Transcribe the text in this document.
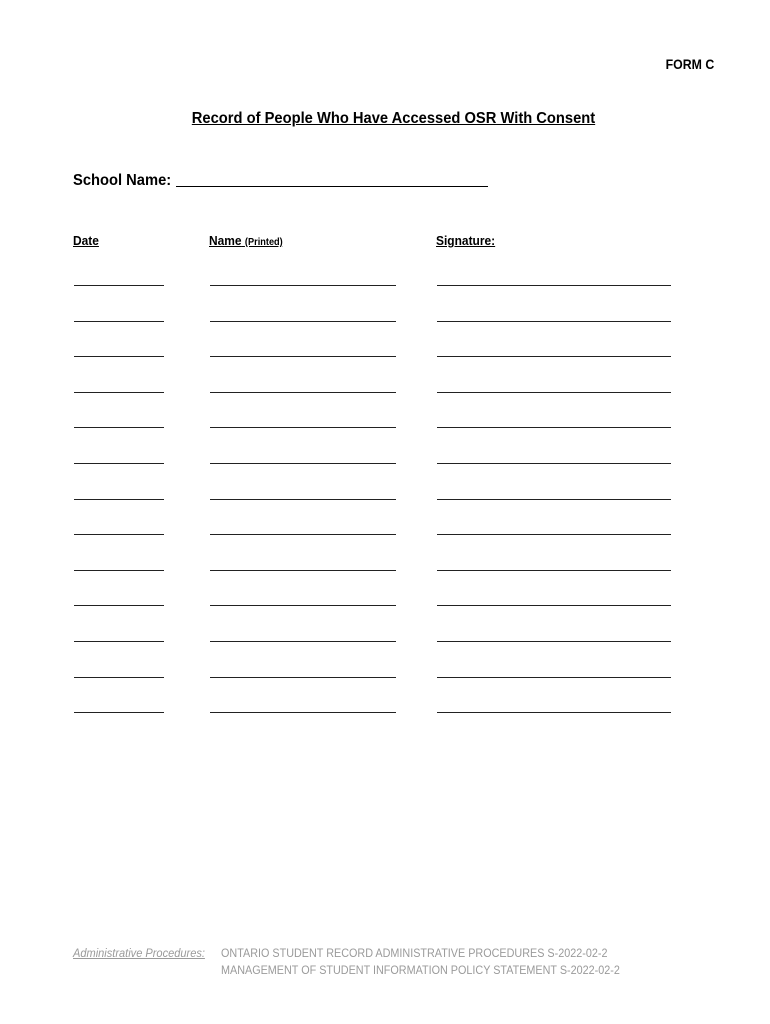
FORM C
Record of People Who Have Accessed OSR With Consent
School Name:
Date	Name (Printed)	Signature:
Administrative Procedures: ONTARIO STUDENT RECORD ADMINISTRATIVE PROCEDURES S-2022-02-2
MANAGEMENT OF STUDENT INFORMATION POLICY STATEMENT S-2022-02-2
